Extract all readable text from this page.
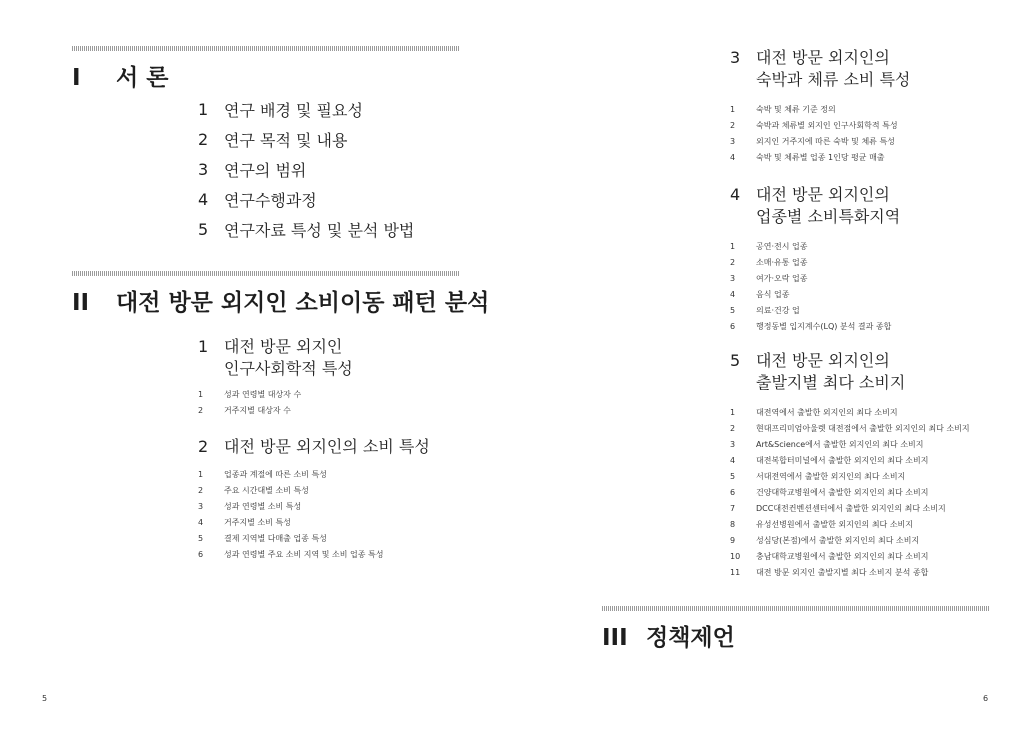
I	서 론
1 연구 배경 및 필요성
2 연구 목적 및 내용
3 연구의 범위
4 연구수행과정
5 연구자료 특성 및 분석 방법
II	대전 방문 외지인 소비이동 패턴 분석
1 대전 방문 외지인
인구사회학적 특성
1	성과 연령별 대상자 수
2	거주지별 대상자 수
2 대전 방문 외지인의 소비 특성
1	업종과 계절에 따른 소비 특성
2	주요 시간대별 소비 특성
3	성과 연령별 소비 특성
4	거주지별 소비 특성
5	결제 지역별 다매출 업종 특성
6	성과 연령별 주요 소비 지역 및 소비 업종 특성
5
3 대전 방문 외지인의
숙박과 체류 소비 특성
1	숙박 및 체류 기준 정의
2	숙박과 체류별 외지인 인구사회학적 특성
3	외지인 거주지에 따른 숙박 및 체류 특성
4	숙박 및 체류별 업종 1인당 평균 매출
4 대전 방문 외지인의
업종별 소비특화지역
1	공연·전시 업종
2	소매·유통 업종
3	여가·오락 업종
4	음식 업종
5	의료·건강 업
6	행정동별 입지계수(LQ) 분석 결과 종합
5 대전 방문 외지인의
출발지별 최다 소비지
1	대전역에서 출발한 외지인의 최다 소비지
2	현대프리미엄아울렛 대전점에서 출발한 외지인의 최다 소비지
3	Art&Science에서 출발한 외지인의 최다 소비지
4	대전복합터미널에서 출발한 외지인의 최다 소비지
5	서대전역에서 출발한 외지인의 최다 소비지
6	건양대학교병원에서 출발한 외지인의 최다 소비지
7	DCC대전컨벤션센터에서 출발한 외지인의 최다 소비지
8	유성선병원에서 출발한 외지인의 최다 소비지
9	성심당(본점)에서 출발한 외지인의 최다 소비지
10	충남대학교병원에서 출발한 외지인의 최다 소비지
11	대전 방문 외지인 출발지별 최다 소비지 분석 종합
III 정책제언
6
